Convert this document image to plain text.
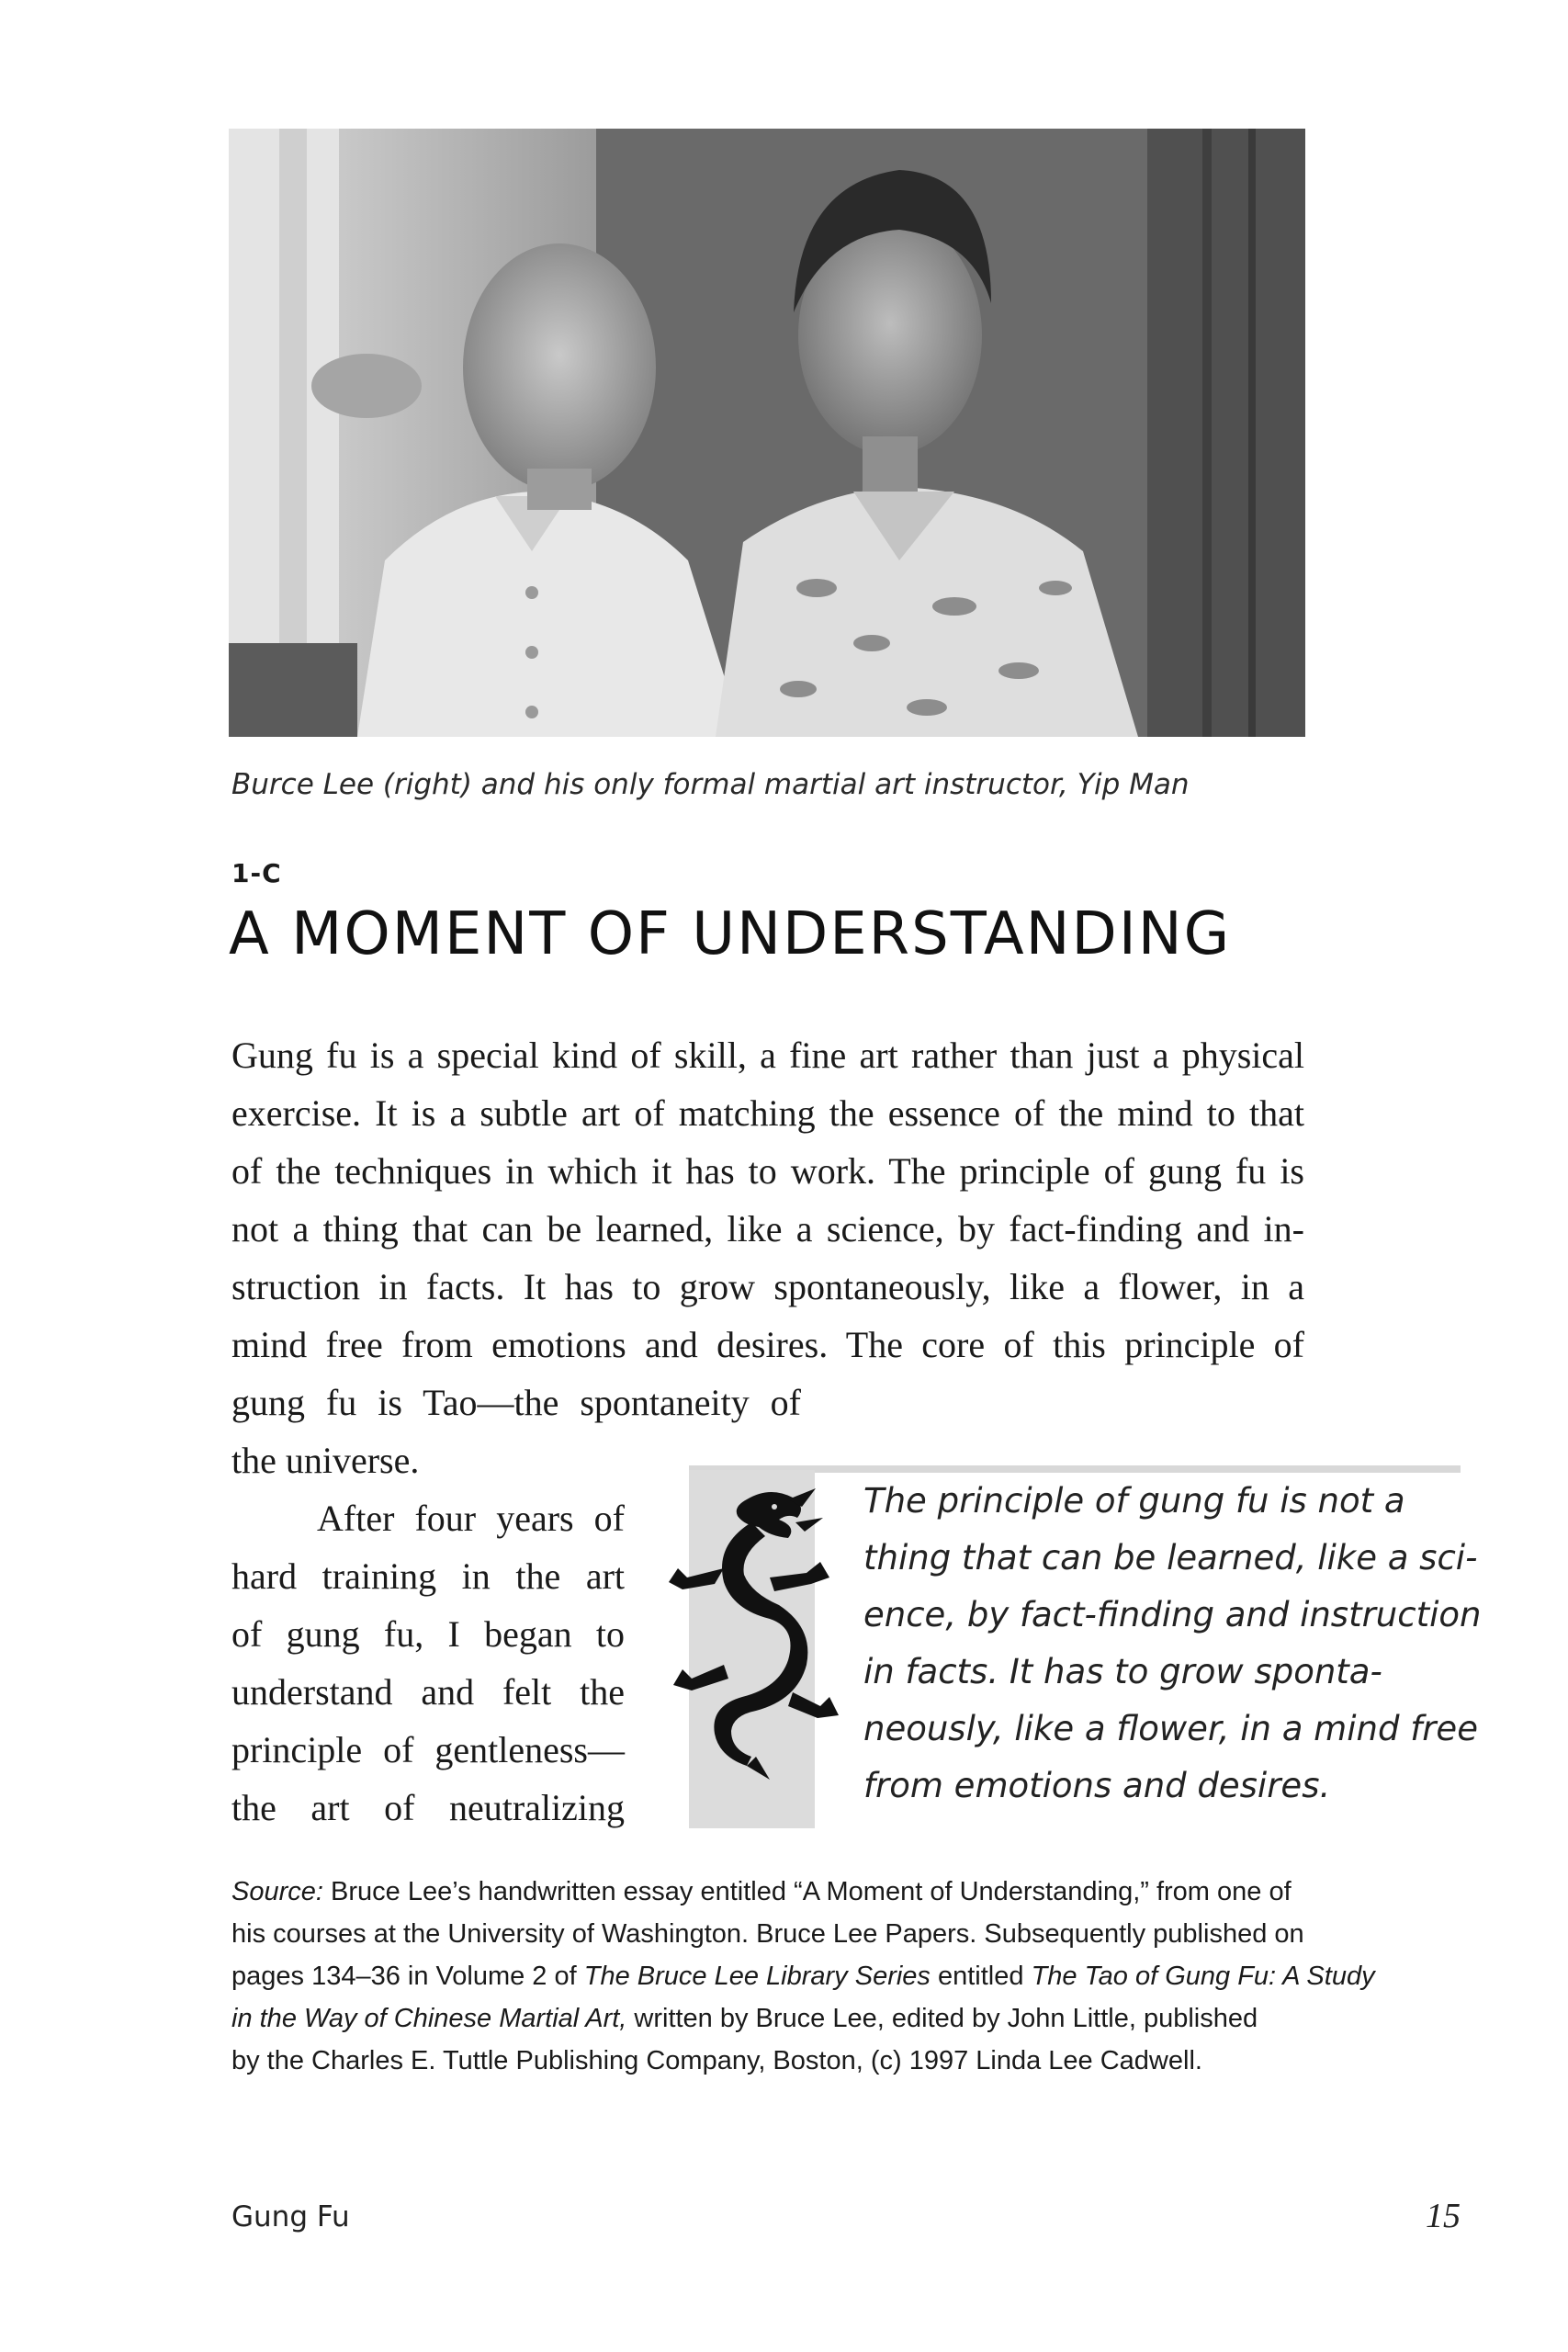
Burce Lee (right) and his only formal martial art instructor, Yip Man
1-C
A MOMENT OF UNDERSTANDING
Gung fu is a special kind of skill, a fine art rather than just a physical
exercise. It is a subtle art of matching the essence of the mind to that
of the techniques in which it has to work. The principle of gung fu is
not a thing that can be learned, like a science, by fact-finding and in-
struction in facts. It has to grow spontaneously, like a flower, in a
mind free from emotions and desires. The core of this principle of
gung fu is Tao—the spontaneity of
the universe.
After four years of
hard training in the art
of gung fu, I began to
understand and felt the
principle of gentleness—
the art of neutralizing
The principle of gung fu is not a
thing that can be learned, like a sci-
ence, by fact-finding and instruction
in facts. It has to grow sponta-
neously, like a flower, in a mind free
from emotions and desires.
Source: Bruce Lee’s handwritten essay entitled “A Moment of Understanding,” from one of
his courses at the University of Washington. Bruce Lee Papers. Subsequently published on
pages 134–36 in Volume 2 of The Bruce Lee Library Series entitled The Tao of Gung Fu: A Study
in the Way of Chinese Martial Art, written by Bruce Lee, edited by John Little, published
by the Charles E. Tuttle Publishing Company, Boston, (c) 1997 Linda Lee Cadwell.
Gung Fu	15
